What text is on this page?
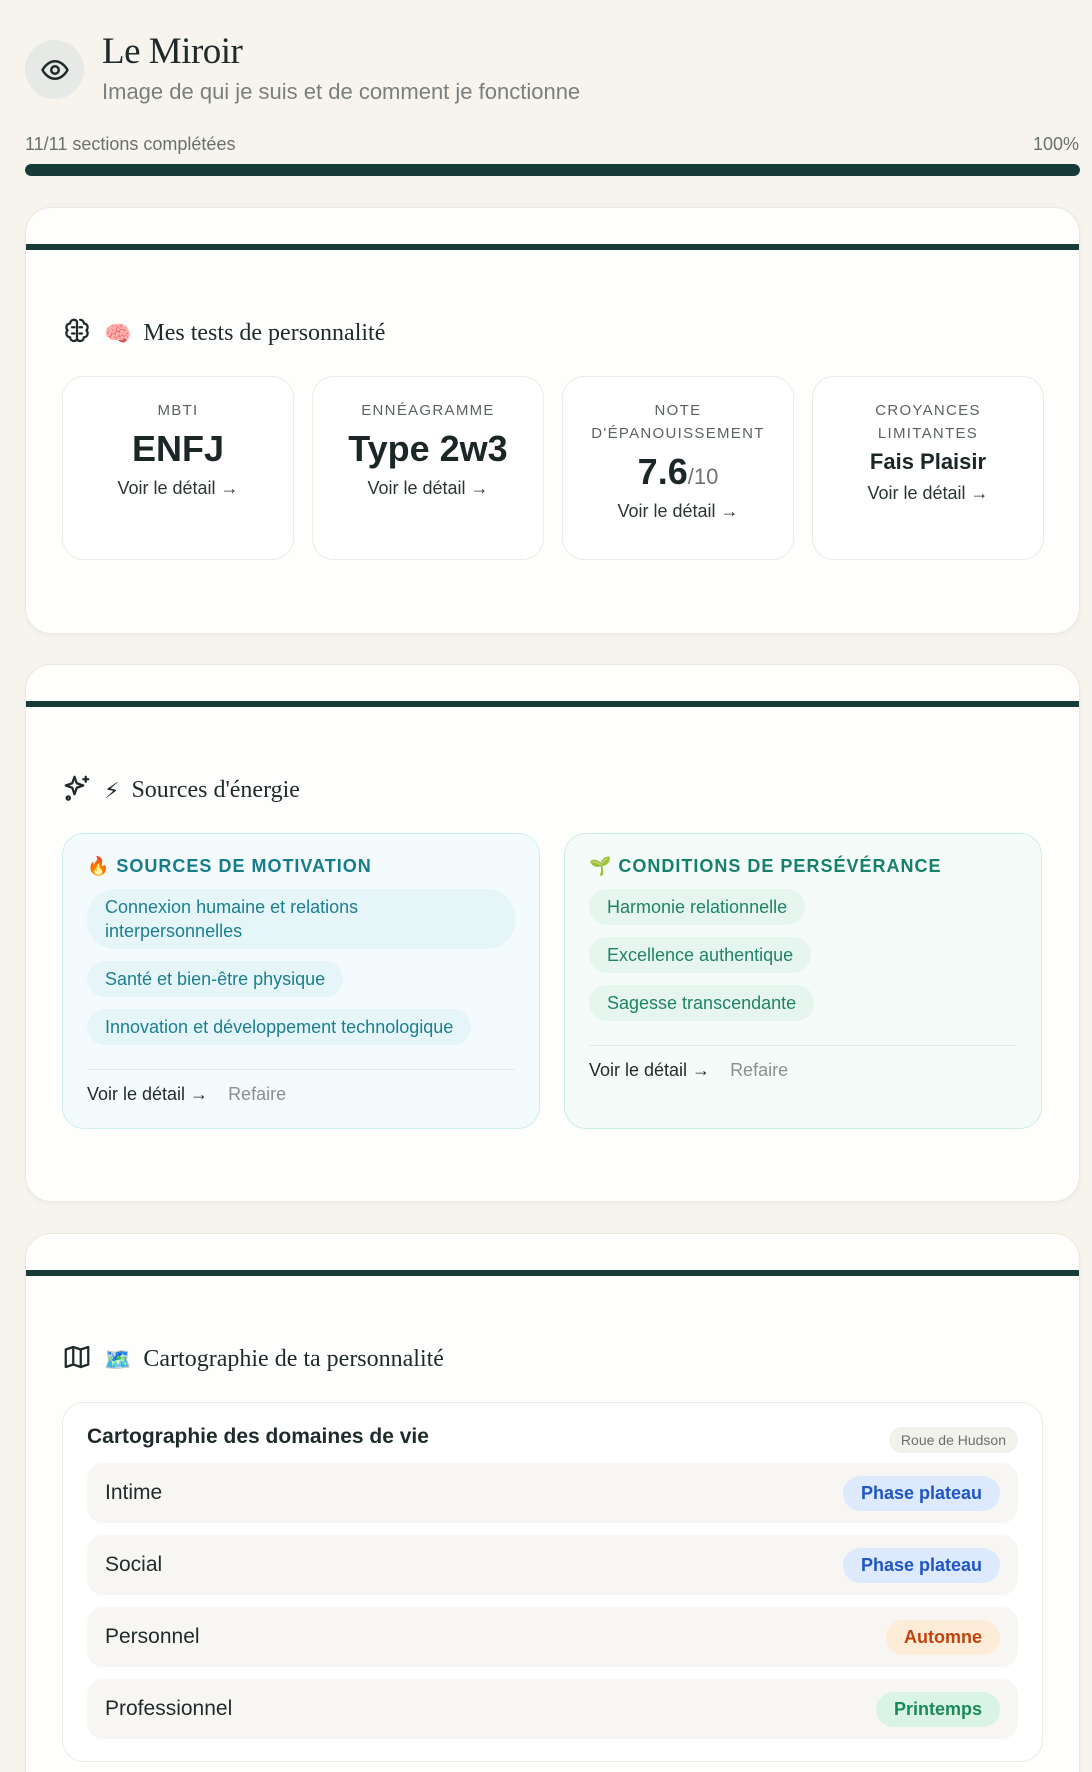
Le Miroir
Image de qui je suis et de comment je fonctionne
11/11 sections complétées	100%
🧠 Mes tests de personnalité
MBTI
ENFJ
Voir le détail →
ENNÉAGRAMME
Type 2w3
Voir le détail →
NOTE
D'ÉPANOUISSEMENT
7.6/10
Voir le détail →
CROYANCES
LIMITANTES
Fais Plaisir
Voir le détail →
⚡ Sources d'énergie
🔥 SOURCES DE MOTIVATION
Connexion humaine et relations interpersonnelles
Santé et bien-être physique
Innovation et développement technologique
Voir le détail → Refaire
🌱 CONDITIONS DE PERSÉVÉRANCE
Harmonie relationnelle
Excellence authentique
Sagesse transcendante
Voir le détail → Refaire
🗺️ Cartographie de ta personnalité
Cartographie des domaines de vie	Roue de Hudson
Intime	Phase plateau
Social	Phase plateau
Personnel	Automne
Professionnel	Printemps
